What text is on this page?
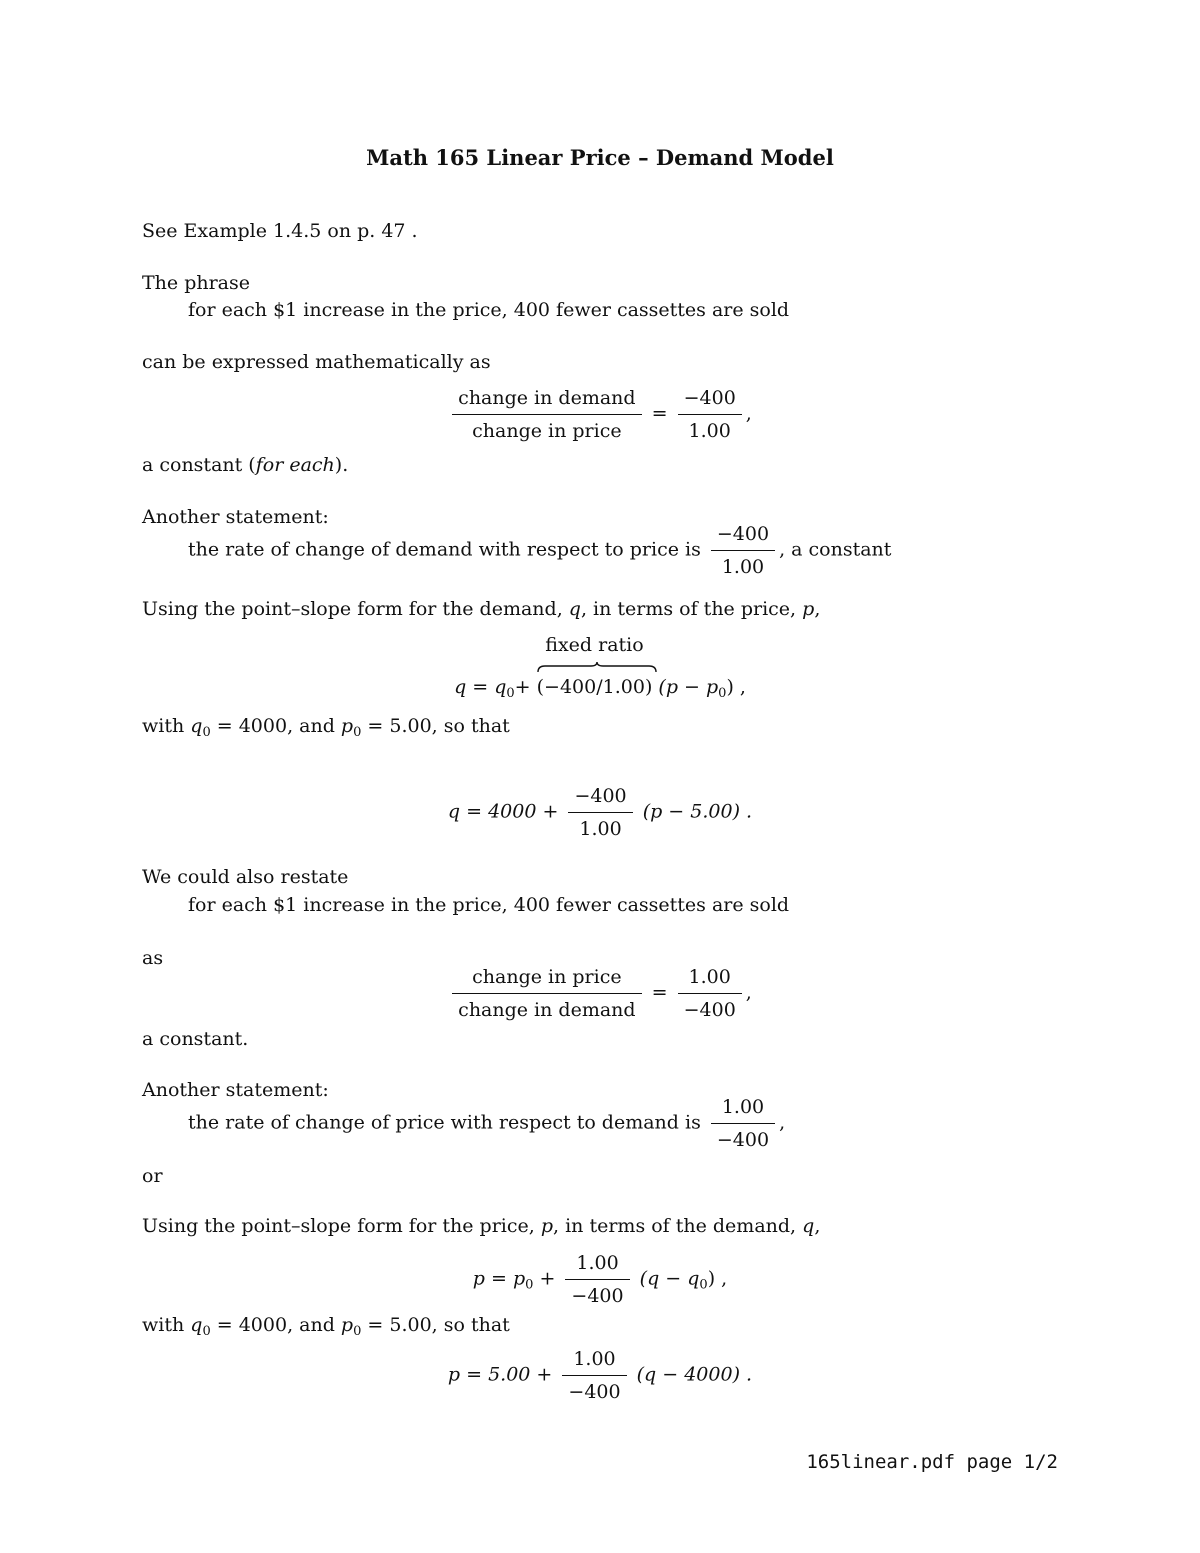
Math 165 Linear Price – Demand Model
See Example 1.4.5 on p. 47 .
The phrase
for each $1 increase in the price, 400 fewer cassettes are sold
can be expressed mathematically as
$\frac{\text{change in demand}}{\text{change in price}} = \frac{-400}{1.00}$ ,
a constant (for each).
Another statement:
the rate of change of demand with respect to price is $\frac{-400}{1.00}$ , a constant
Using the point–slope form for the demand, q, in terms of the price, p,
$q = q_0+$
fixed ratio
(−400/1.00) $(p - p_0)$ ,
with $q_0 = 4000$, and $p_0 = 5.00$, so that
$q = 4000 + \frac{-400}{1.00} (p - 5.00)$ .
We could also restate
for each $1 increase in the price, 400 fewer cassettes are sold
as
$\frac{\text{change in price}}{\text{change in demand}} = \frac{1.00}{-400}$ ,
a constant.
Another statement:
the rate of change of price with respect to demand is $\frac{1.00}{-400}$ ,
or
Using the point–slope form for the price, p, in terms of the demand, q,
$p = p_0 + \frac{1.00}{-400} (q - q_0)$ ,
with $q_0 = 4000$, and $p_0 = 5.00$, so that
$p = 5.00 + \frac{1.00}{-400} (q - 4000)$ .
165linear.pdf page 1/2
